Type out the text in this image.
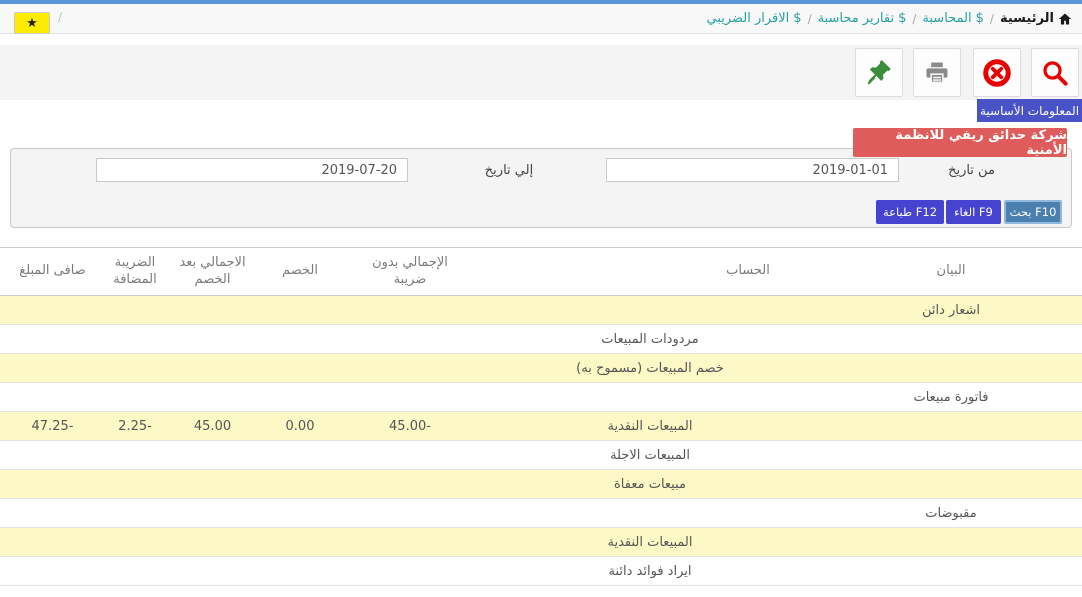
★ /	الرئيسية
/
$
المحاسبة
/
$
تقارير محاسبة
/
$
الاقرار الضريبي
المعلومات الأساسية
شركة حدائق ريفي للانظمة الأمنية
من تاريخ
2019-01-01
إلي تاريخ
2019-07-20
بحث F10
الغاء F9
طباعة F12
البيان	الحساب	الإجمالي بدون ضريبة	الخصم	الاجمالي بعد الخصم	الضريبة المضافة	صافى المبلغ
اشعار دائن						
	مردودات المبيعات					
	خصم المبيعات (مسموح به)					
فاتورة مبيعات						
	المبيعات النقدية	45.00-	0.00	45.00	2.25-	47.25-
	المبيعات الاجلة					
	مبيعات معفاة					
مقبوضات						
	المبيعات النقدية					
	ايراد فوائد دائنة					
